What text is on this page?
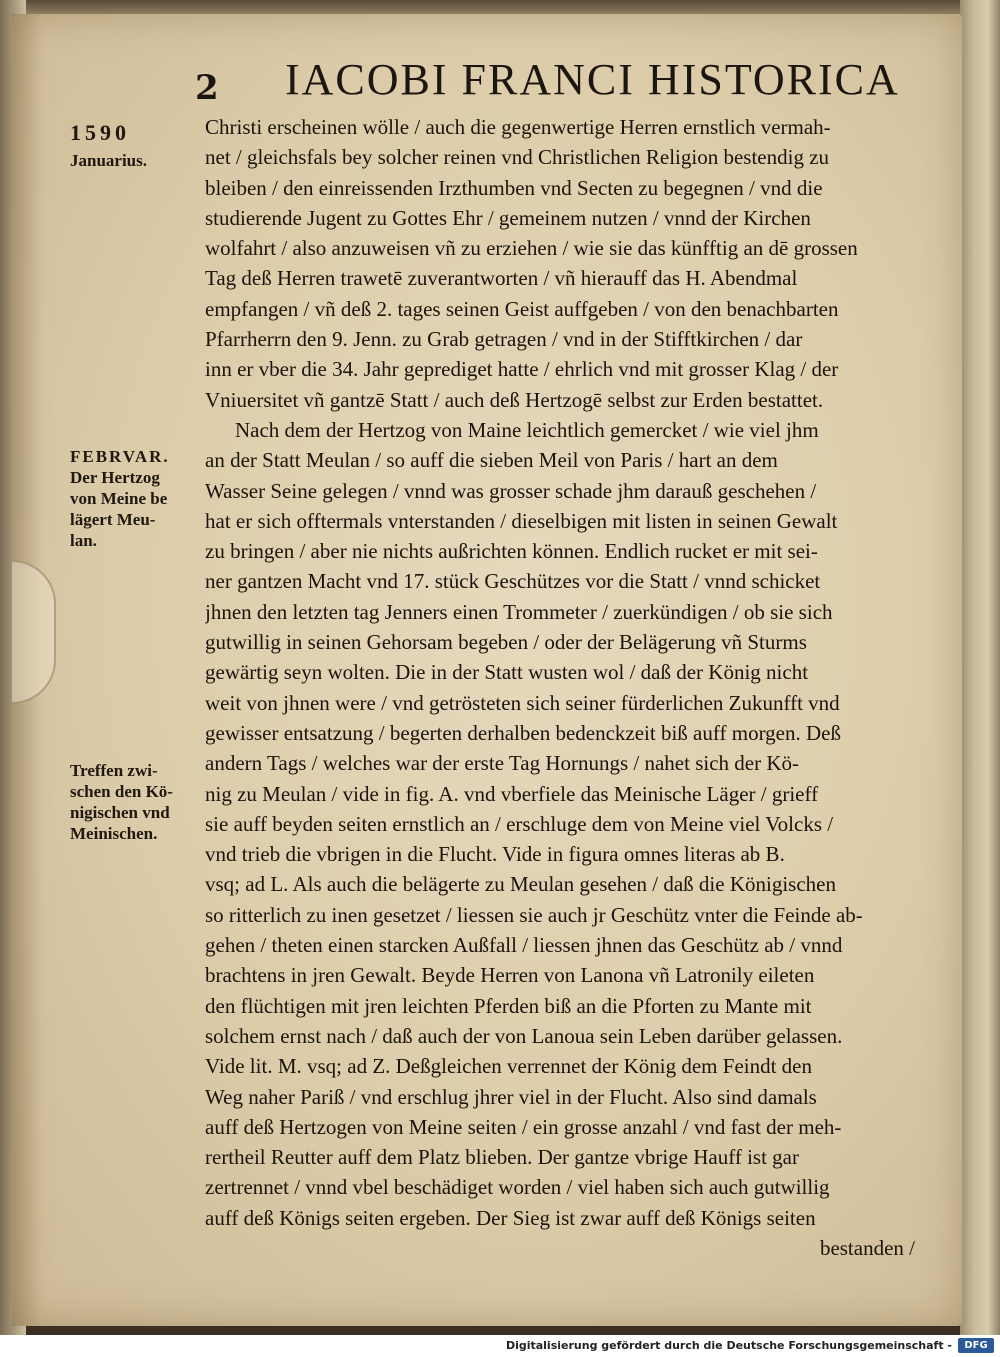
2 IACOBI FRANCI HISTORICA
1590
Januarius.
FEBRVAR.
Der Hertzog
von Meine be
lägert Meu-
lan.
Treffen zwi-
schen den Kö-
nigischen vnd
Meinischen.
Christi erscheinen wölle / auch die gegenwertige Herren ernstlich vermah-
net / gleichsfals bey solcher reinen vnd Christlichen Religion bestendig zu
bleiben / den einreissenden Irzthumben vnd Secten zu begegnen / vnd die
studierende Jugent zu Gottes Ehr / gemeinem nutzen / vnnd der Kirchen
wolfahrt / also anzuweisen vñ zu erziehen / wie sie das künfftig an dē grossen
Tag deß Herren trawetē zuverantworten / vñ hierauff das H. Abendmal
empfangen / vñ deß 2. tages seinen Geist auffgeben / von den benachbarten
Pfarrherrn den 9. Jenn. zu Grab getragen / vnd in der Stifftkirchen / dar
inn er vber die 34. Jahr geprediget hatte / ehrlich vnd mit grosser Klag / der
Vniuersitet vñ gantzē Statt / auch deß Hertzogē selbst zur Erden bestattet.
Nach dem der Hertzog von Maine leichtlich gemercket / wie viel jhm
an der Statt Meulan / so auff die sieben Meil von Paris / hart an dem
Wasser Seine gelegen / vnnd was grosser schade jhm darauß geschehen /
hat er sich offtermals vnterstanden / dieselbigen mit listen in seinen Gewalt
zu bringen / aber nie nichts außrichten können. Endlich rucket er mit sei-
ner gantzen Macht vnd 17. stück Geschützes vor die Statt / vnnd schicket
jhnen den letzten tag Jenners einen Trommeter / zuerkündigen / ob sie sich
gutwillig in seinen Gehorsam begeben / oder der Belägerung vñ Sturms
gewärtig seyn wolten. Die in der Statt wusten wol / daß der König nicht
weit von jhnen were / vnd getrösteten sich seiner fürderlichen Zukunfft vnd
gewisser entsatzung / begerten derhalben bedenckzeit biß auff morgen. Deß
andern Tags / welches war der erste Tag Hornungs / nahet sich der Kö-
nig zu Meulan / vide in fig. A. vnd vberfiele das Meinische Läger / grieff
sie auff beyden seiten ernstlich an / erschluge dem von Meine viel Volcks /
vnd trieb die vbrigen in die Flucht. Vide in figura omnes literas ab B.
vsq; ad L. Als auch die belägerte zu Meulan gesehen / daß die Königischen
so ritterlich zu inen gesetzet / liessen sie auch jr Geschütz vnter die Feinde ab-
gehen / theten einen starcken Außfall / liessen jhnen das Geschütz ab / vnnd
brachtens in jren Gewalt. Beyde Herren von Lanona vñ Latronily eileten
den flüchtigen mit jren leichten Pferden biß an die Pforten zu Mante mit
solchem ernst nach / daß auch der von Lanoua sein Leben darüber gelassen.
Vide lit. M. vsq; ad Z. Deßgleichen verrennet der König dem Feindt den
Weg naher Pariß / vnd erschlug jhrer viel in der Flucht. Also sind damals
auff deß Hertzogen von Meine seiten / ein grosse anzahl / vnd fast der meh-
rertheil Reutter auff dem Platz blieben. Der gantze vbrige Hauff ist gar
zertrennet / vnnd vbel beschädiget worden / viel haben sich auch gutwillig
auff deß Königs seiten ergeben. Der Sieg ist zwar auff deß Königs seiten
bestanden /
Digitalisierung gefördert durch die Deutsche Forschungsgemeinschaft -	DFG
